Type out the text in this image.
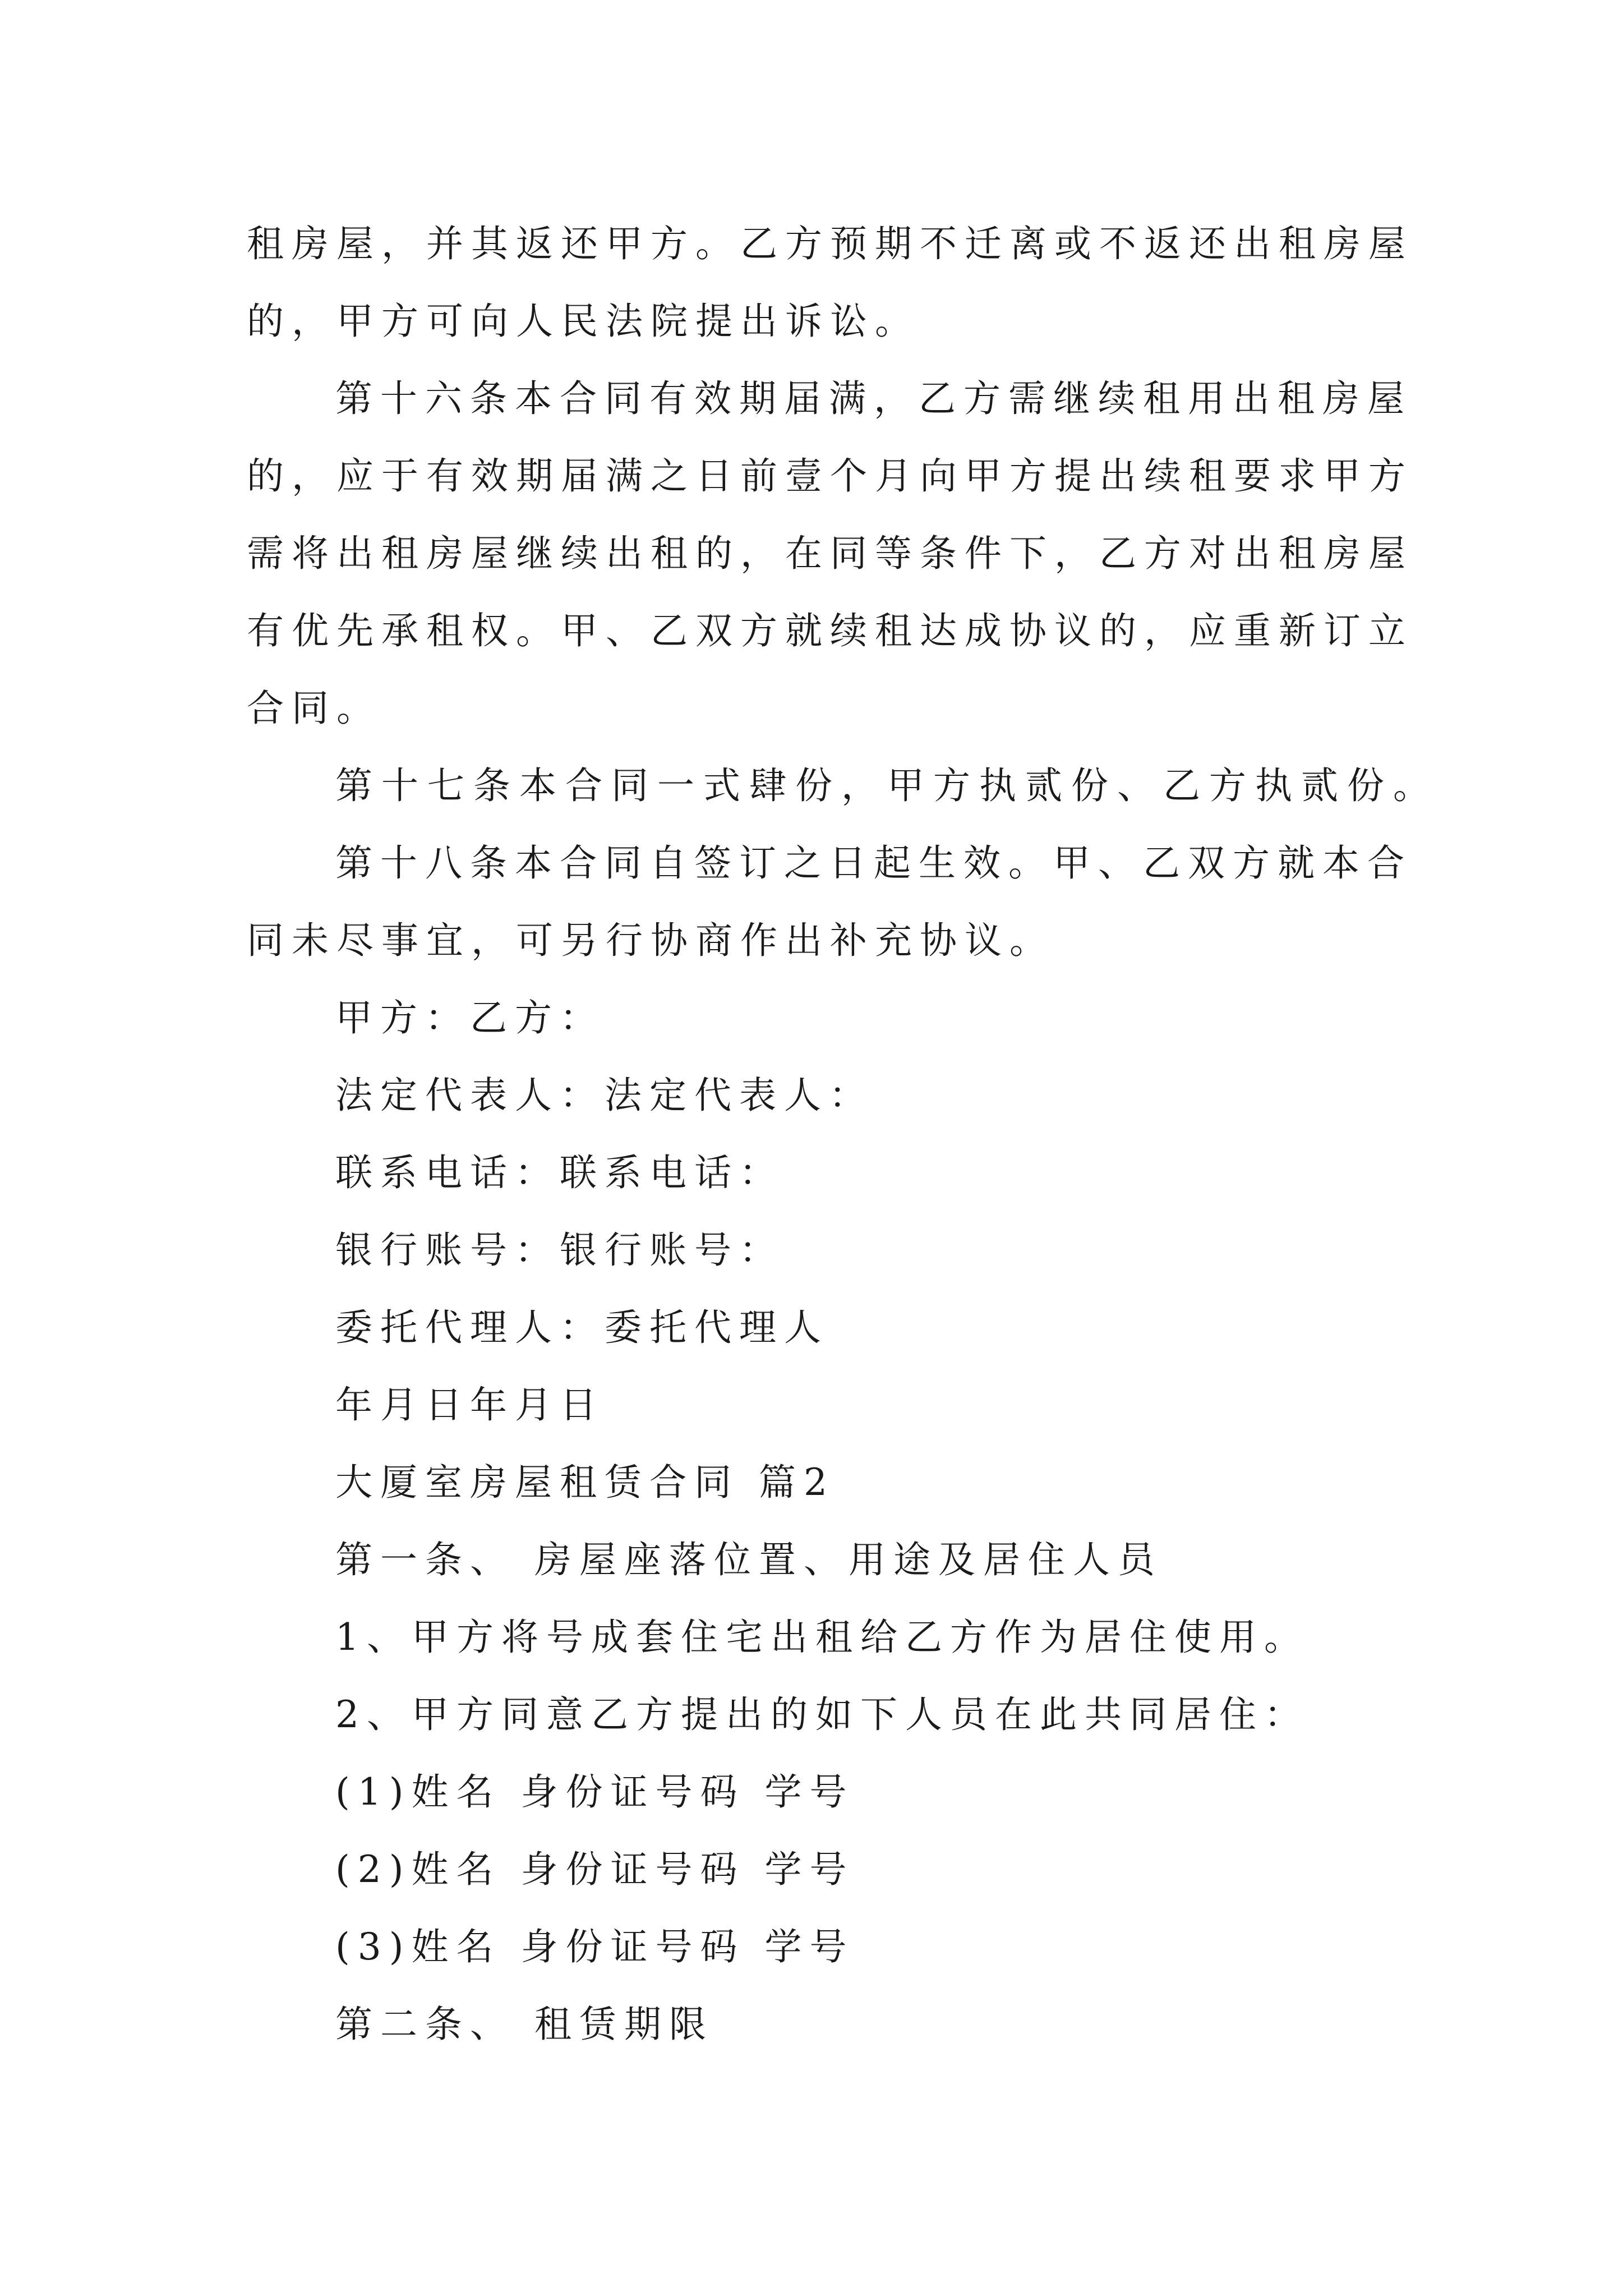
租房屋，并其返还甲方。乙方预期不迁离或不返还出租房屋
的，甲方可向人民法院提出诉讼。
第十六条本合同有效期届满，乙方需继续租用出租房屋
的，应于有效期届满之日前壹个月向甲方提出续租要求甲方
需将出租房屋继续出租的，在同等条件下，乙方对出租房屋
有优先承租权。甲、乙双方就续租达成协议的，应重新订立
合同。
第十七条本合同一式肆份，甲方执贰份、乙方执贰份。
第十八条本合同自签订之日起生效。甲、乙双方就本合
同未尽事宜，可另行协商作出补充协议。
甲方：乙方：
法定代表人：法定代表人：
联系电话：联系电话：
银行账号：银行账号：
委托代理人：委托代理人
年月日年月日
大厦室房屋租赁合同 篇2
第一条、 房屋座落位置、用途及居住人员
1、甲方将号成套住宅出租给乙方作为居住使用。
2、甲方同意乙方提出的如下人员在此共同居住：
(1)姓名 身份证号码 学号
(2)姓名 身份证号码 学号
(3)姓名 身份证号码 学号
第二条、 租赁期限
